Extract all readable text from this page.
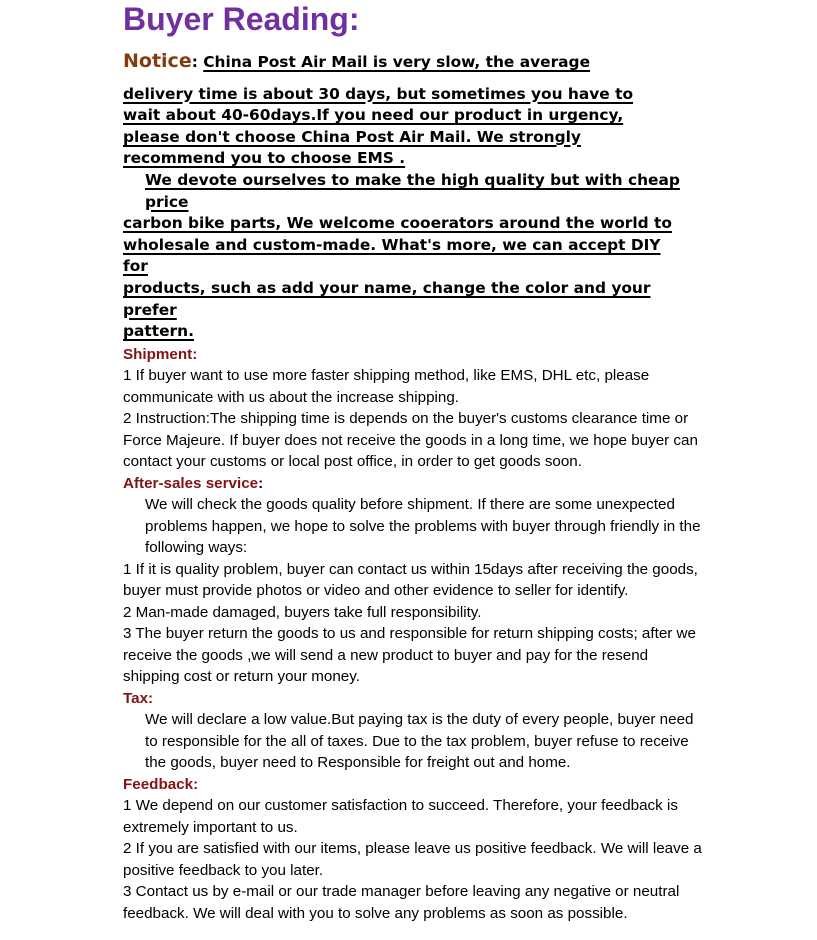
Buyer Reading:
Notice: China Post Air Mail is very slow, the average
delivery time is about 30 days, but sometimes you have to
wait about 40-60days.If you need our product in urgency,
please don't choose China Post Air Mail. We strongly
recommend you to choose EMS .
We devote ourselves to make the high quality but with cheap price
carbon bike parts, We welcome cooerators around the world to
wholesale and custom-made. What's more, we can accept DIY for
products, such as add your name, change the color and your prefer
pattern.
Shipment:
1 If buyer want to use more faster shipping method, like EMS, DHL etc, please communicate with us about the increase shipping.
2 Instruction:The shipping time is depends on the buyer's customs clearance time or Force Majeure. If buyer does not receive the goods in a long time, we hope buyer can contact your customs or local post office, in order to get goods soon.
After-sales service:
We will check the goods quality before shipment. If there are some unexpected problems happen, we hope to solve the problems with buyer through friendly in the following ways:
1 If it is quality problem, buyer can contact us within 15days after receiving the goods, buyer must provide photos or video and other evidence to seller for identify.
2 Man-made damaged, buyers take full responsibility.
3 The buyer return the goods to us and responsible for return shipping costs; after we receive the goods ,we will send a new product to buyer and pay for the resend shipping cost or return your money.
Tax:
We will declare a low value.But paying tax is the duty of every people, buyer need to responsible for the all of taxes. Due to the tax problem, buyer refuse to receive the goods, buyer need to Responsible for freight out and home.
Feedback:
1 We depend on our customer satisfaction to succeed. Therefore, your feedback is extremely important to us.
2 If you are satisfied with our items, please leave us positive feedback. We will leave a positive feedback to you later.
3 Contact us by e-mail or our trade manager before leaving any negative or neutral feedback. We will deal with you to solve any problems as soon as possible.
